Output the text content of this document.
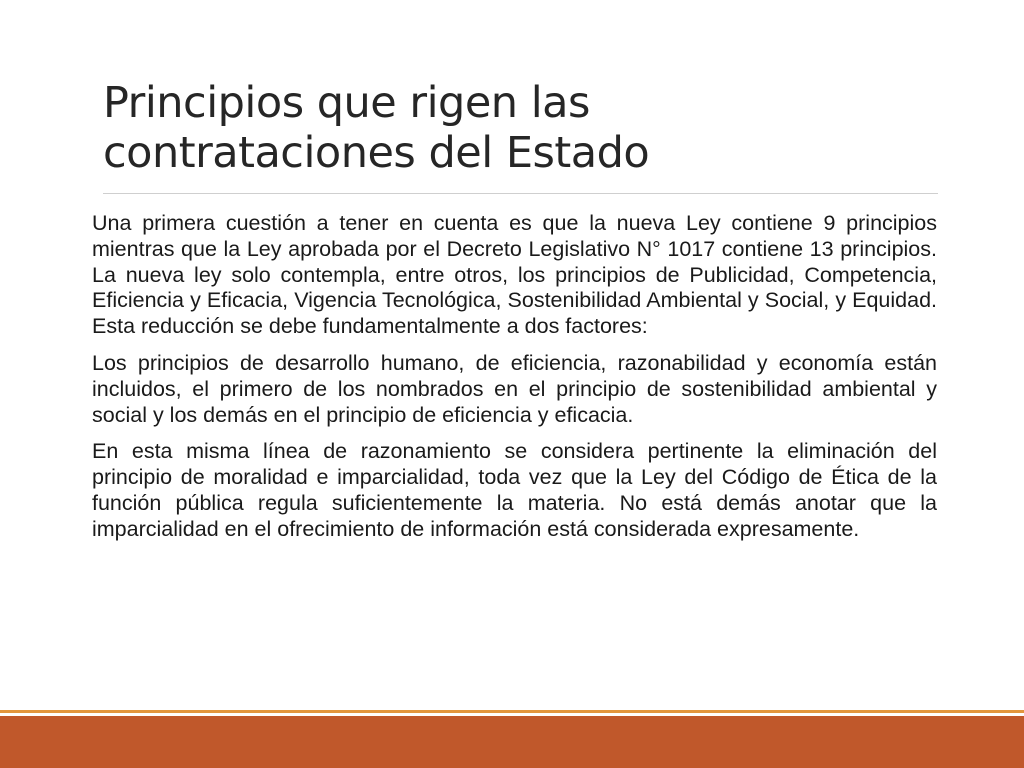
Principios que rigen las
contrataciones del Estado

Una primera cuestión a tener en cuenta es que la nueva Ley contiene 9 principios mientras que la Ley aprobada por el Decreto Legislativo N° 1017 contiene 13 principios. La nueva ley solo contempla, entre otros, los principios de Publicidad, Competencia, Eficiencia y Eficacia, Vigencia Tecnológica, Sostenibilidad Ambiental y Social, y Equidad. Esta reducción se debe fundamentalmente a dos factores:

Los principios de desarrollo humano, de eficiencia, razonabilidad y economía están incluidos, el primero de los nombrados en el principio de sostenibilidad ambiental y social y los demás en el principio de eficiencia y eficacia.

En esta misma línea de razonamiento se considera pertinente la eliminación del principio de moralidad e imparcialidad, toda vez que la Ley del Código de Ética de la función pública regula suficientemente la materia. No está demás anotar que la imparcialidad en el ofrecimiento de información está considerada expresamente.
